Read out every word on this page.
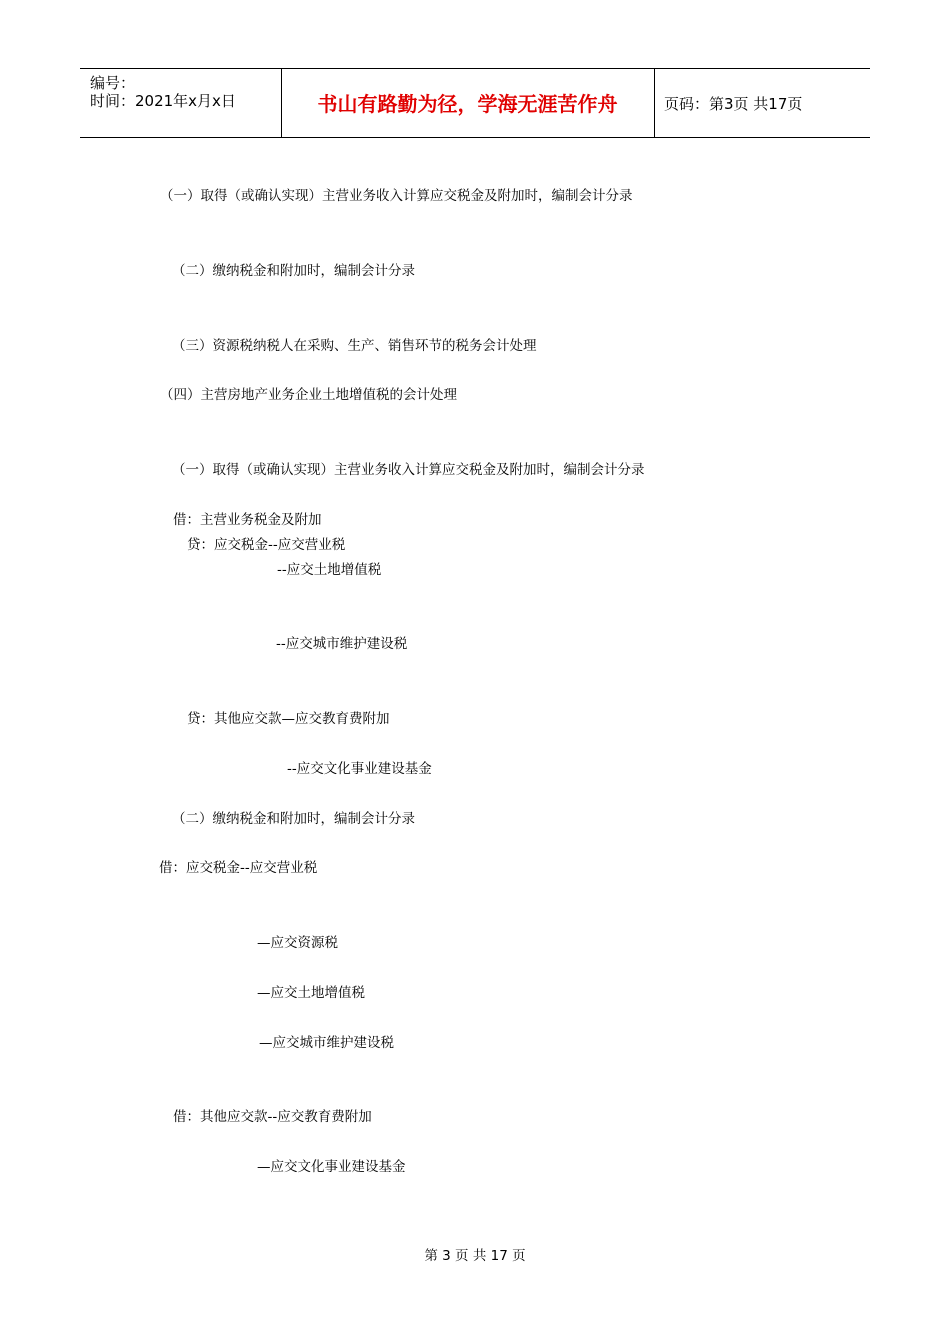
编号：
时间：2021年x月x日	书山有路勤为径，学海无涯苦作舟	页码：第3页 共17页
（一）取得（或确认实现）主营业务收入计算应交税金及附加时，编制会计分录
（二）缴纳税金和附加时，编制会计分录
（三）资源税纳税人在采购、生产、销售环节的税务会计处理
（四）主营房地产业务企业土地增值税的会计处理
（一）取得（或确认实现）主营业务收入计算应交税金及附加时，编制会计分录
借：主营业务税金及附加
贷：应交税金--应交营业税
--应交土地增值税
--应交城市维护建设税
贷：其他应交款—应交教育费附加
--应交文化事业建设基金
（二）缴纳税金和附加时，编制会计分录
借：应交税金--应交营业税
—应交资源税
—应交土地增值税
—应交城市维护建设税
借：其他应交款--应交教育费附加
—应交文化事业建设基金
第 3 页 共 17 页
